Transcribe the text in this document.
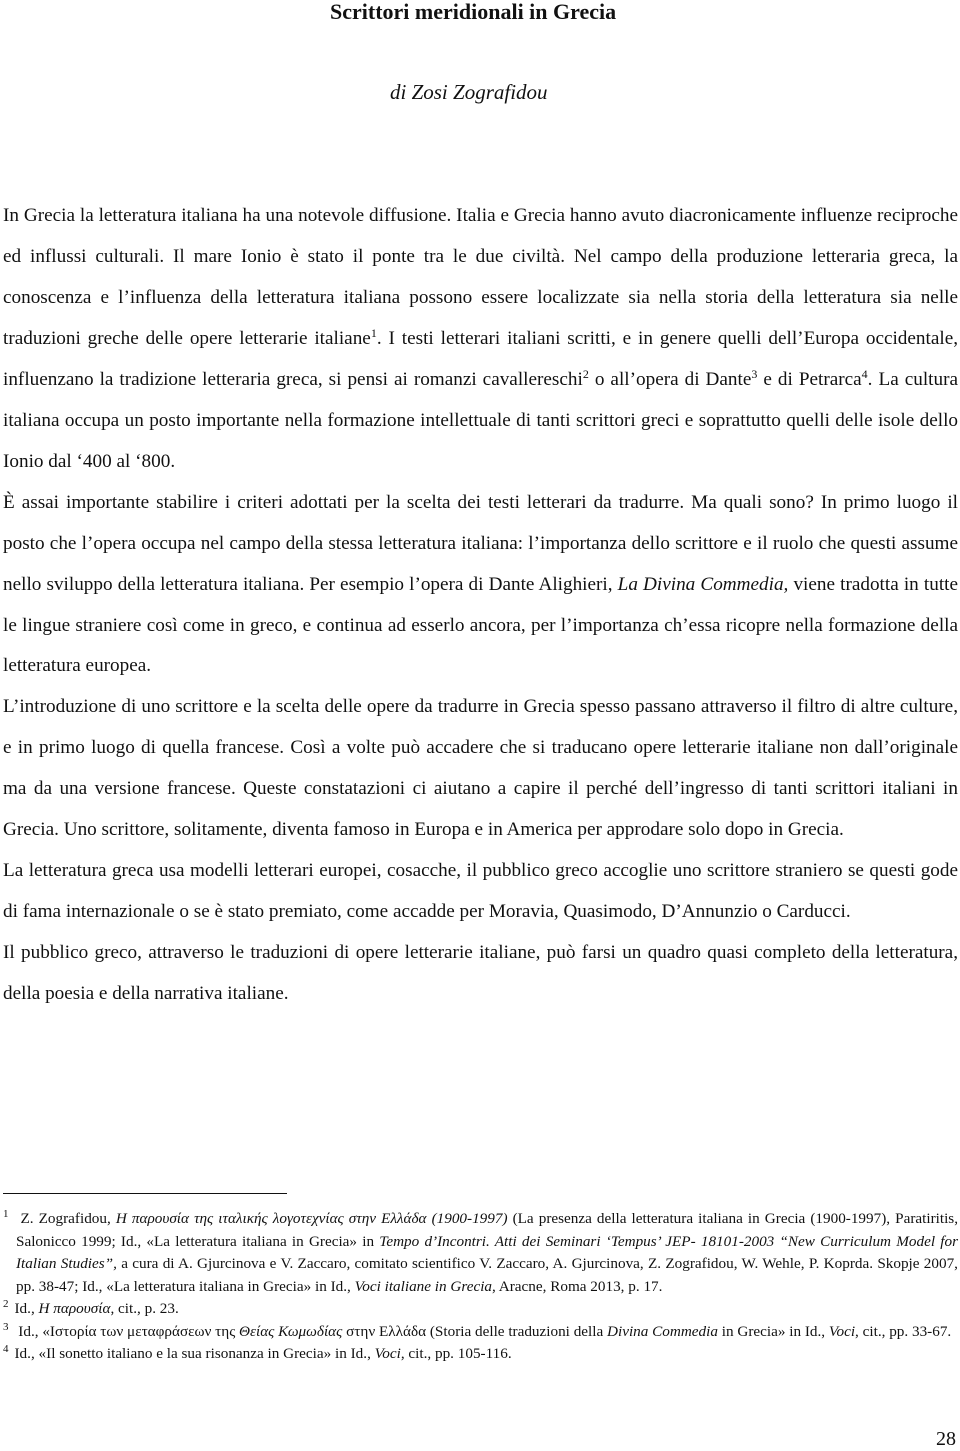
Scrittori meridionali in Grecia
di Zosi Zografidou

In Grecia la letteratura italiana ha una notevole diffusione. Italia e Grecia hanno avuto diacronicamente influenze reciproche ed influssi culturali. Il mare Ionio è stato il ponte tra le due civiltà. Nel campo della produzione letteraria greca, la conoscenza e l’influenza della letteratura italiana possono essere localizzate sia nella storia della letteratura sia nelle traduzioni greche delle opere letterarie italiane$^1$. I testi letterari italiani scritti, e in genere quelli dell’Europa occidentale, influenzano la tradizione letteraria greca, si pensi ai romanzi cavallereschi$^2$ o all’opera di Dante$^3$ e di Petrarca$^4$. La cultura italiana occupa un posto importante nella formazione intellettuale di tanti scrittori greci e soprattutto quelli delle isole dello Ionio dal ‘400 al ‘800.

È assai importante stabilire i criteri adottati per la scelta dei testi letterari da tradurre. Ma quali sono? In primo luogo il posto che l’opera occupa nel campo della stessa letteratura italiana: l’importanza dello scrittore e il ruolo che questi assume nello sviluppo della letteratura italiana. Per esempio l’opera di Dante Alighieri, La Divina Commedia, viene tradotta in tutte le lingue straniere così come in greco, e continua ad esserlo ancora, per l’importanza ch’essa ricopre nella formazione della letteratura europea.

L’introduzione di uno scrittore e la scelta delle opere da tradurre in Grecia spesso passano attraverso il filtro di altre culture, e in primo luogo di quella francese. Così a volte può accadere che si traducano opere letterarie italiane non dall’originale ma da una versione francese. Queste constatazioni ci aiutano a capire il perché dell’ingresso di tanti scrittori italiani in Grecia. Uno scrittore, solitamente, diventa famoso in Europa e in America per approdare solo dopo in Grecia.

La letteratura greca usa modelli letterari europei, cosacche, il pubblico greco accoglie uno scrittore straniero se questi gode di fama internazionale o se è stato premiato, come accadde per Moravia, Quasimodo, D’Annunzio o Carducci.

Il pubblico greco, attraverso le traduzioni di opere letterarie italiane, può farsi un quadro quasi completo della letteratura, della poesia e della narrativa italiane.

$^1$ Z. Zografidou, Η παρουσία της ιταλικής λογοτεχνίας στην Ελλάδα (1900-1997) (La presenza della letteratura italiana in Grecia (1900-1997), Paratiritis, Salonicco 1999; Id., «La letteratura italiana in Grecia» in Tempo d’Incontri. Atti dei Seminari ‘Tempus’ JEP- 18101-2003 “New Curriculum Model for Italian Studies”, a cura di A. Gjurcinova e V. Zaccaro, comitato scientifico V. Zaccaro, A. Gjurcinova, Z. Zografidou, W. Wehle, P. Koprda. Skopje 2007, pp. 38-47; Id., «La letteratura italiana in Grecia» in Id., Voci italiane in Grecia, Aracne, Roma 2013, p. 17.

$^2$ Id., Η παρουσία, cit., p. 23.

$^3$ Id., «Ιστορία των μεταφράσεων της Θείας Κωμωδίας στην Ελλάδα (Storia delle traduzioni della Divina Commedia in Grecia» in Id., Voci, cit., pp. 33-67.

$^4$ Id., «Il sonetto italiano e la sua risonanza in Grecia» in Id., Voci, cit., pp. 105-116.

28
